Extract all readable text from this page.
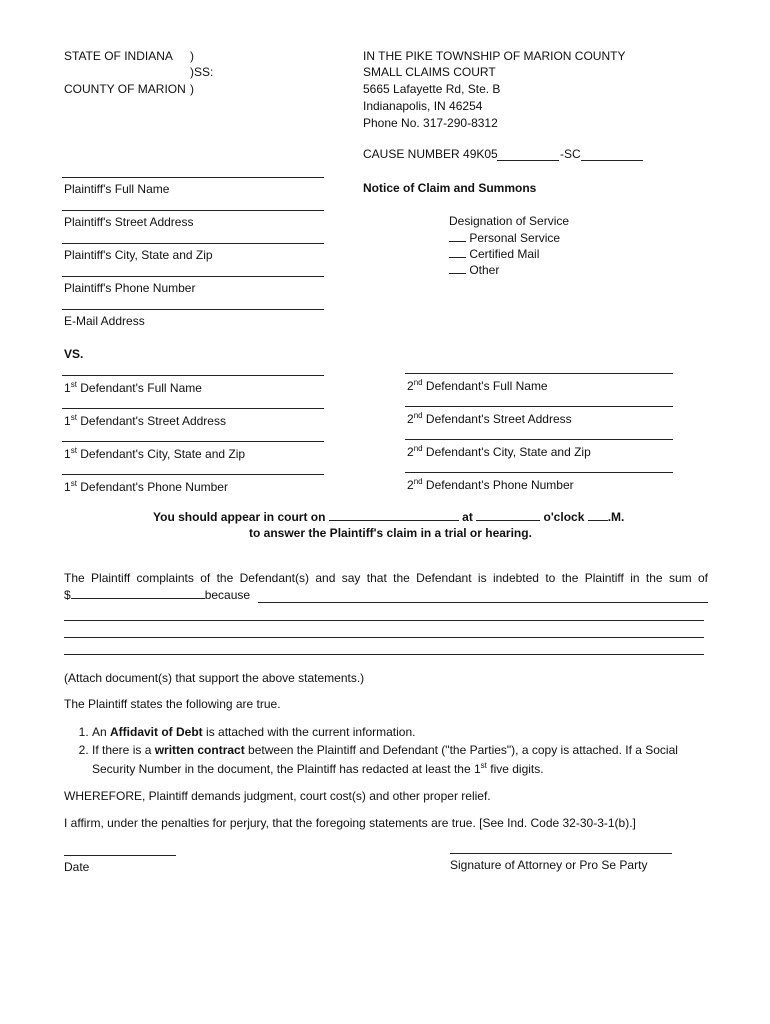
STATE OF INDIANA
COUNTY OF MARION
)
)SS:
)
IN THE PIKE TOWNSHIP OF MARION COUNTY
SMALL CLAIMS COURT
5665 Lafayette Rd, Ste. B
Indianapolis, IN 46254
Phone No. 317-290-8312
CAUSE NUMBER 49K05	-SC
Plaintiff's Full Name
Plaintiff's Street Address
Plaintiff's City, State and Zip
Plaintiff's Phone Number
E-Mail Address
Notice of Claim and Summons
Designation of Service
Personal Service
Certified Mail
Other
VS.
1st Defendant's Full Name
1st Defendant's Street Address
1st Defendant's City, State and Zip
1st Defendant's Phone Number
2nd Defendant's Full Name
2nd Defendant's Street Address
2nd Defendant's City, State and Zip
2nd Defendant's Phone Number
You should appear in court on	at	o'clock .M.
to answer the Plaintiff's claim in a trial or hearing.
The Plaintiff complaints of the Defendant(s) and say that the Defendant is indebted to the Plaintiff in the sum of
$	because
(Attach document(s) that support the above statements.)
The Plaintiff states the following are true.
1. An Affidavit of Debt is attached with the current information.
2. If there is a written contract between the Plaintiff and Defendant ("the Parties"), a copy is attached. If a Social Security Number in the document, the Plaintiff has redacted at least the 1st five digits.
WHEREFORE, Plaintiff demands judgment, court cost(s) and other proper relief.
I affirm, under the penalties for perjury, that the foregoing statements are true. [See Ind. Code 32-30-3-1(b).]
Date	Signature of Attorney or Pro Se Party
